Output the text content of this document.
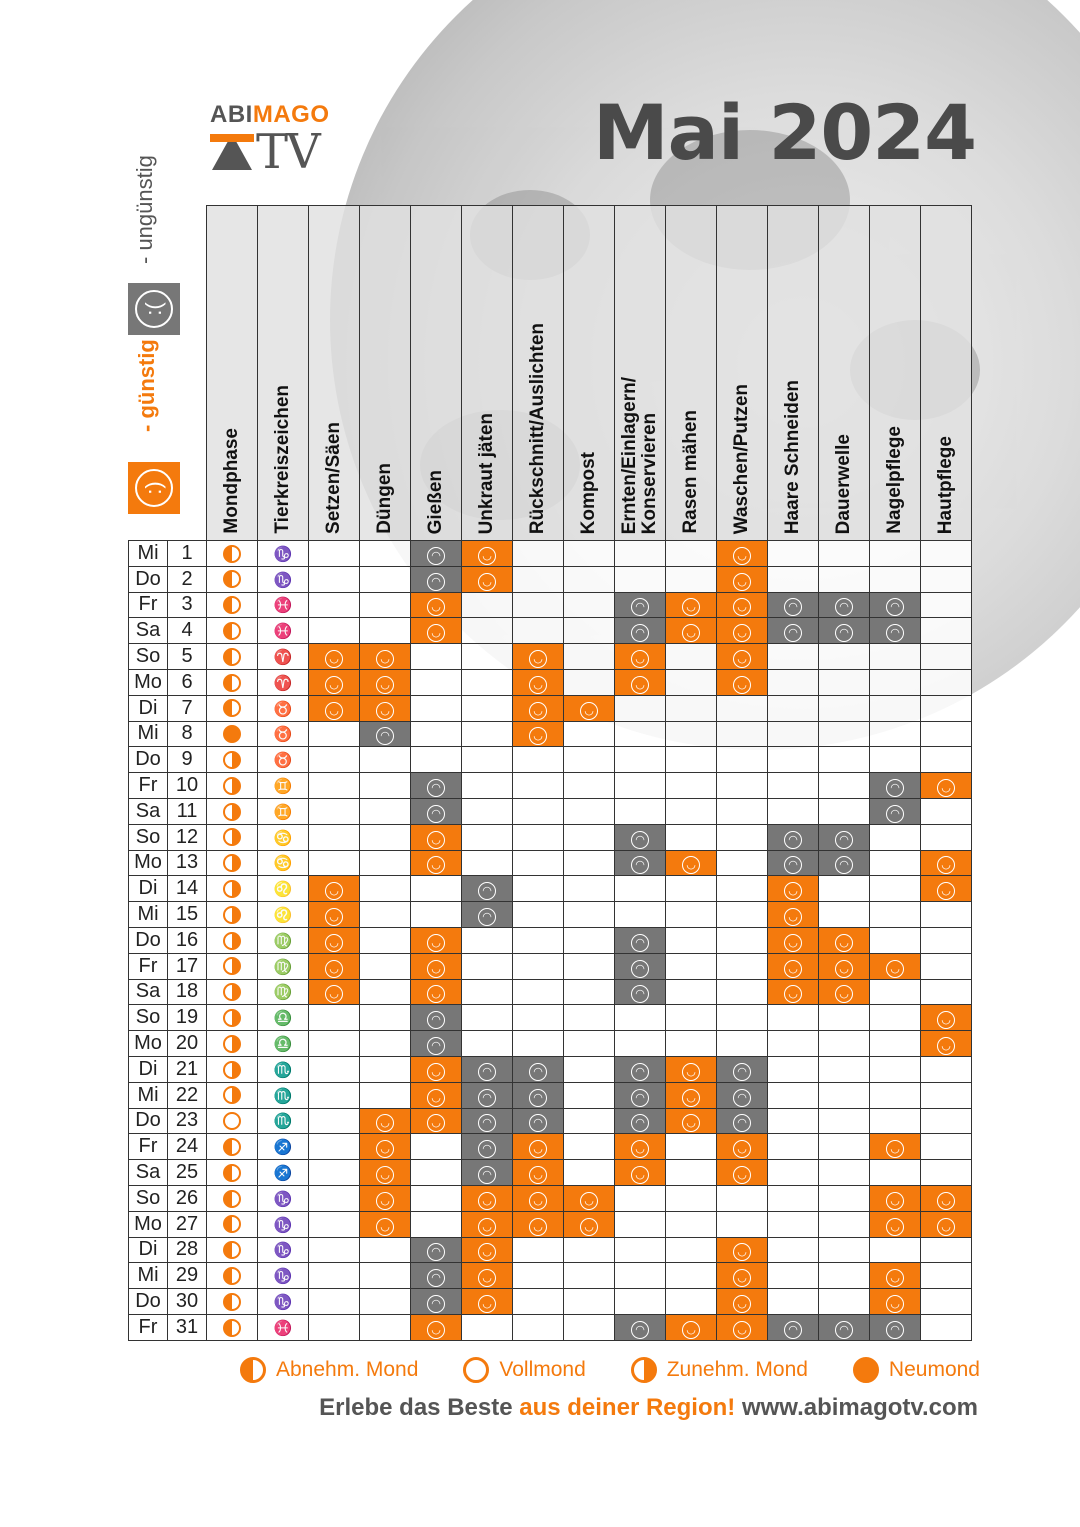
ABIMAGO
TV	Mai 2024
- ungünstig
:(
- günstig
:)

		Mondphase	Tierkreiszeichen	Setzen/Säen	Düngen	Gießen	Unkraut jäten	Rückschnitt/Auslichten	Kompost	Ernten/Einlagern/
Konservieren	Rasen mähen	Waschen/Putzen	Haare Schneiden	Dauerwelle	Nagelpflege	Hautpflege

Mi	1		♑			◠	◡					◡				
Do	2		♑			◠	◡					◡				
Fr	3		♓			◡				◠	◡	◡	◠	◠	◠	
Sa	4		♓			◡				◠	◡	◡	◠	◠	◠	
So	5		♈	◡	◡			◡		◡		◡				
Mo	6		♈	◡	◡			◡		◡		◡				
Di	7		♉	◡	◡			◡	◡							
Mi	8		♉		◠			◡								
Do	9		♉													
Fr	10		♊			◠									◠	◡
Sa	11		♊			◠									◠	
So	12		♋			◡				◠			◠	◠		
Mo	13		♋			◡				◠	◡		◠	◠		◡
Di	14		♌	◡			◠						◡			◡
Mi	15		♌	◡			◠						◡			
Do	16		♍	◡		◡				◠			◡	◡		
Fr	17		♍	◡		◡				◠			◡	◡	◡	
Sa	18		♍	◡		◡				◠			◡	◡		
So	19		♎			◠										◡
Mo	20		♎			◠										◡
Di	21		♏			◡	◠	◠		◠	◡	◠				
Mi	22		♏			◡	◠	◠		◠	◡	◠				
Do	23		♏		◡	◡	◠	◠		◠	◡	◠				
Fr	24		♐		◡		◠	◡		◡		◡			◡	
Sa	25		♐		◡		◠	◡		◡		◡				
So	26		♑		◡		◡	◡	◡						◡	◡
Mo	27		♑		◡		◡	◡	◡						◡	◡
Di	28		♑			◠	◡					◡				
Mi	29		♑			◠	◡					◡			◡	
Do	30		♑			◠	◡					◡			◡	
Fr	31		♓			◡				◠	◡	◡	◠	◠	◠	
Abnehm. Mond	Vollmond	Zunehm. Mond	Neumond
Erlebe das Beste aus deiner Region! www.abimagotv.com
